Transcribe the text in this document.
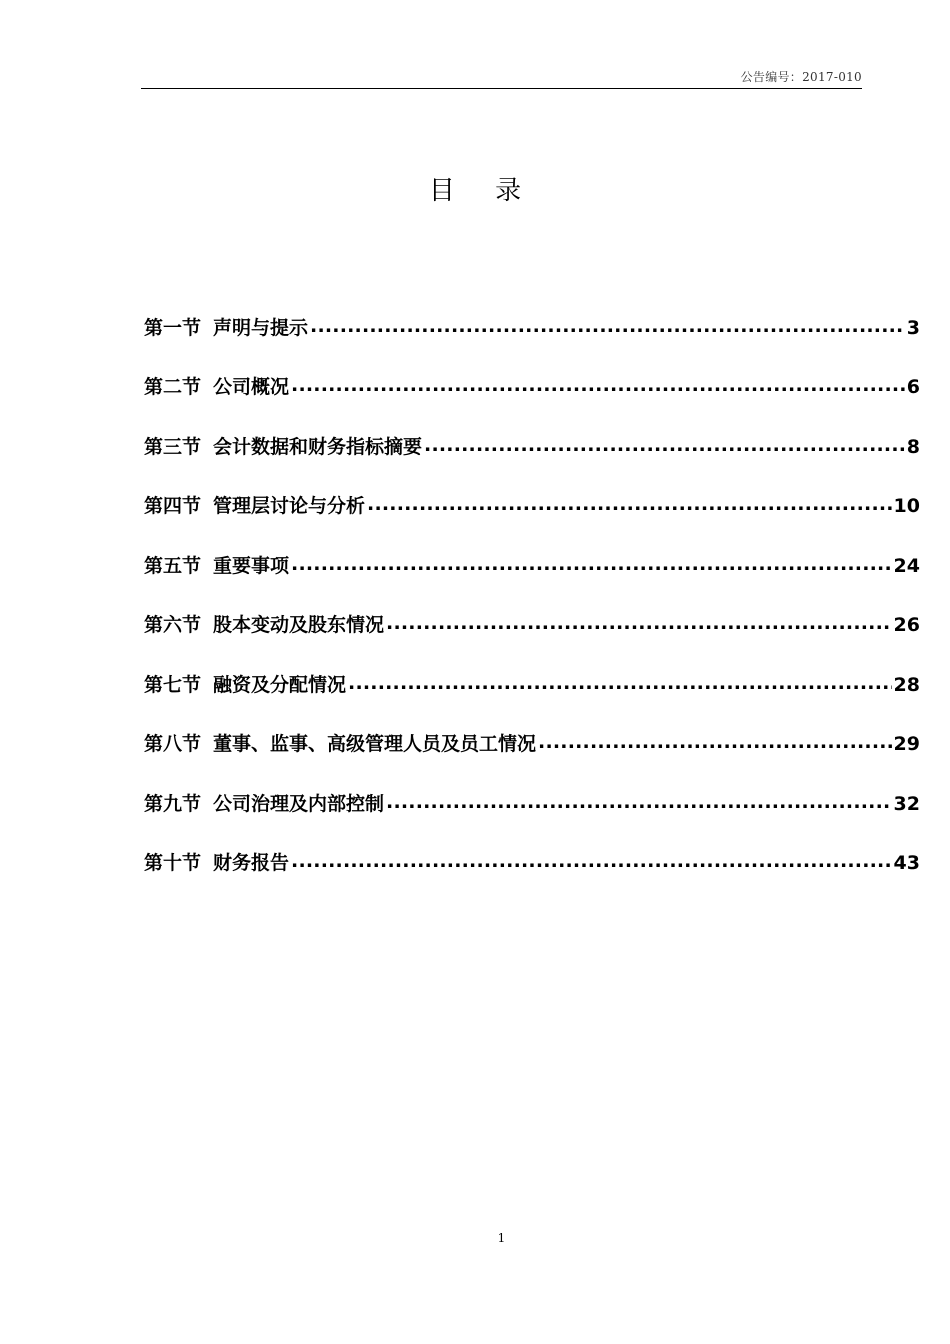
公告编号：2017-010
目 录
第一节 声明与提示 .....	3
第二节 公司概况 .....	6
第三节 会计数据和财务指标摘要 .....	8
第四节 管理层讨论与分析 .....	10
第五节 重要事项 .....	24
第六节 股本变动及股东情况 .....	26
第七节 融资及分配情况 .....	28
第八节 董事、监事、高级管理人员及员工情况 .....	29
第九节 公司治理及内部控制 .....	32
第十节 财务报告 .....	43
1
